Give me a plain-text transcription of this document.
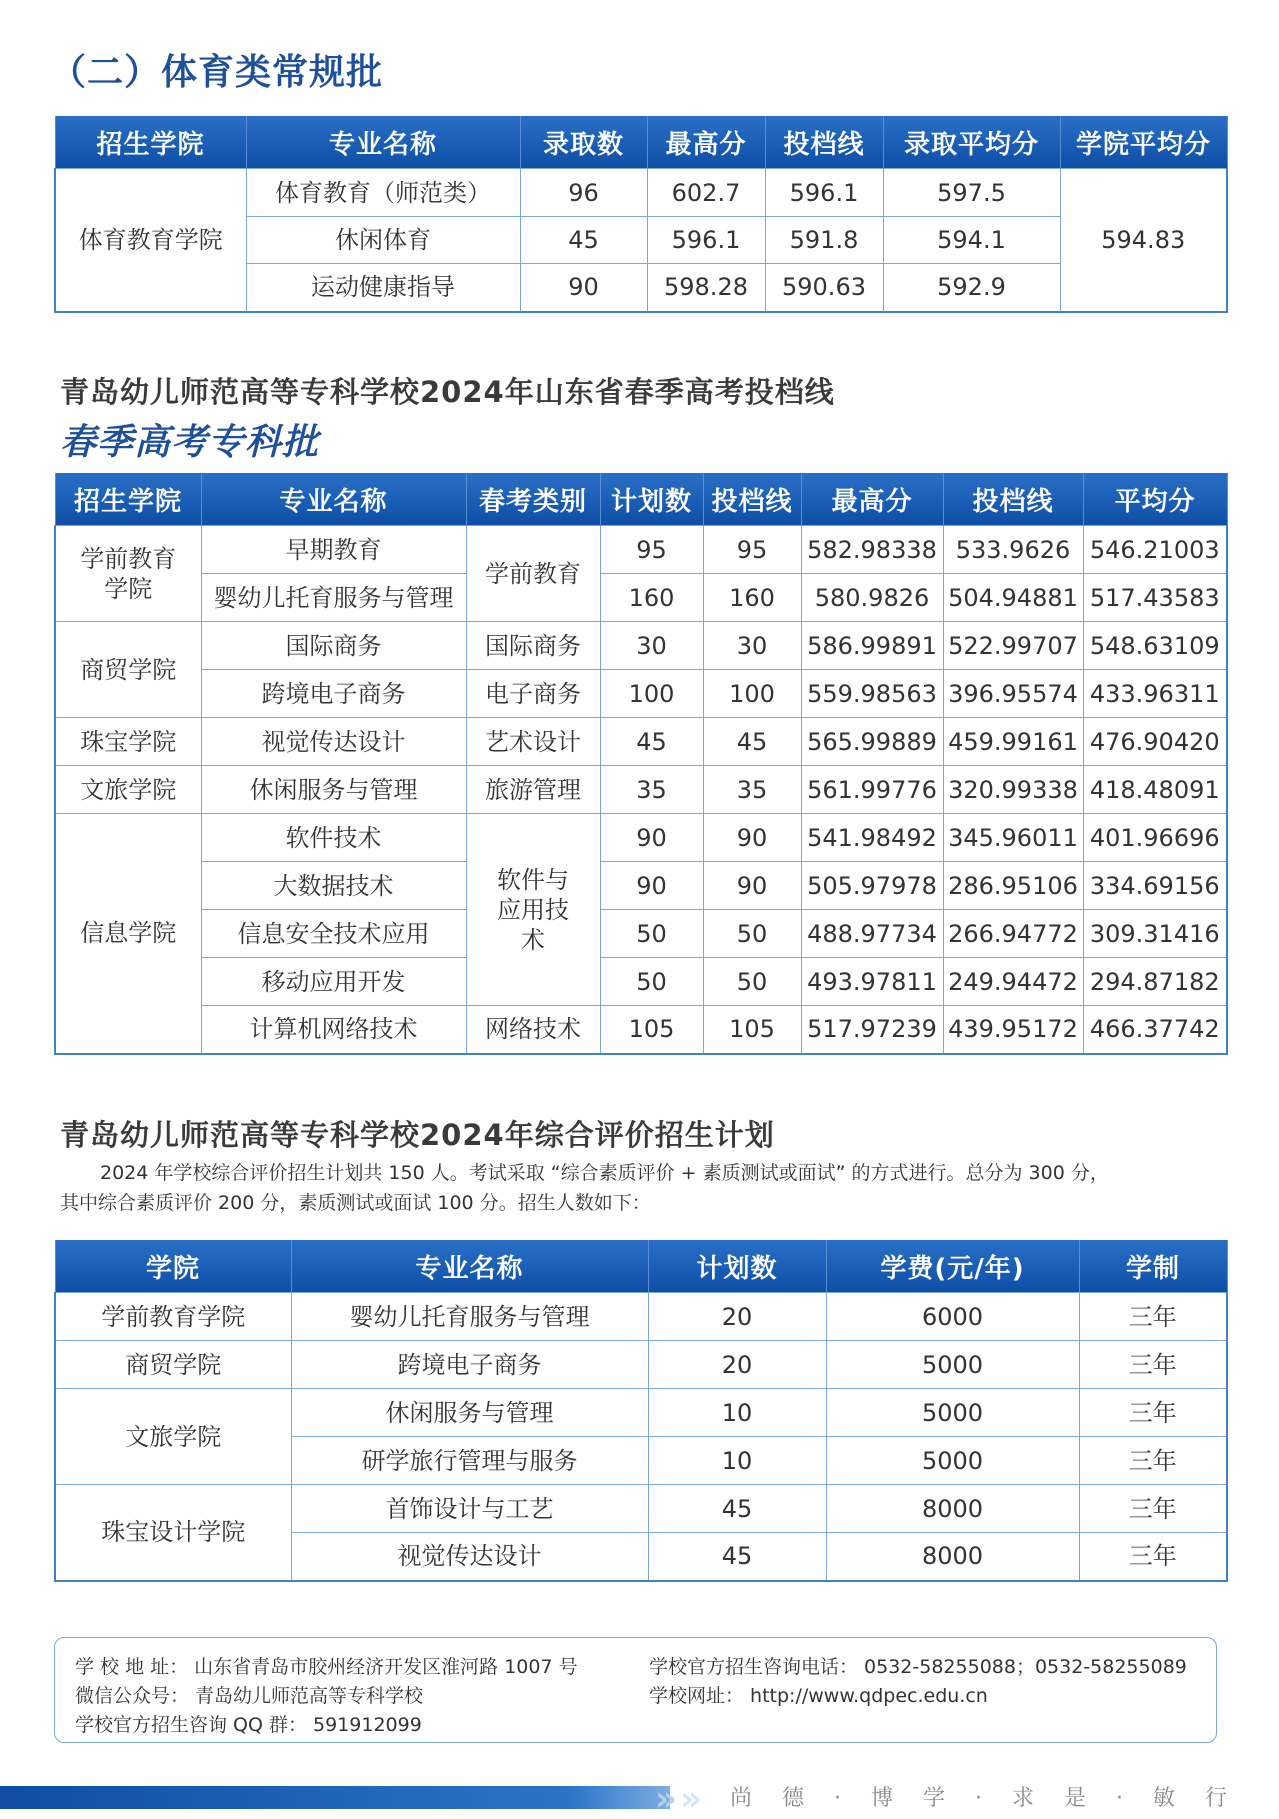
（二）体育类常规批
招生学院	专业名称	录取数	最高分	投档线	录取平均分	学院平均分
体育教育学院	体育教育（师范类）	96	602.7	596.1	597.5	594.83
	休闲体育	45	596.1	591.8	594.1	
	运动健康指导	90	598.28	590.63	592.9	
青岛幼儿师范高等专科学校2024年山东省春季高考投档线
春季高考专科批
招生学院	专业名称	春考类别	计划数	投档线	最高分	投档线	平均分
学前教育学院	早期教育	学前教育	95	95	582.98338	533.9626	546.21003
	婴幼儿托育服务与管理		160	160	580.9826	504.94881	517.43583
商贸学院	国际商务	国际商务	30	30	586.99891	522.99707	548.63109
	跨境电子商务	电子商务	100	100	559.98563	396.95574	433.96311
珠宝学院	视觉传达设计	艺术设计	45	45	565.99889	459.99161	476.90420
文旅学院	休闲服务与管理	旅游管理	35	35	561.99776	320.99338	418.48091
信息学院	软件技术	软件与应用技术	90	90	541.98492	345.96011	401.96696
	大数据技术		90	90	505.97978	286.95106	334.69156
	信息安全技术应用		50	50	488.97734	266.94772	309.31416
	移动应用开发		50	50	493.97811	249.94472	294.87182
	计算机网络技术	网络技术	105	105	517.97239	439.95172	466.37742
青岛幼儿师范高等专科学校2024年综合评价招生计划
2024 年学校综合评价招生计划共 150 人。考试采取 “综合素质评价 + 素质测试或面试” 的方式进行。总分为 300 分，
其中综合素质评价 200 分，素质测试或面试 100 分。招生人数如下：
学院	专业名称	计划数	学费(元/年)	学制
学前教育学院	婴幼儿托育服务与管理	20	6000	三年
商贸学院	跨境电子商务	20	5000	三年
文旅学院	休闲服务与管理	10	5000	三年
	研学旅行管理与服务	10	5000	三年
珠宝设计学院	首饰设计与工艺	45	8000	三年
	视觉传达设计	45	8000	三年
学 校 地 址： 山东省青岛市胶州经济开发区淮河路 1007 号
微信公众号： 青岛幼儿师范高等专科学校
学校官方招生咨询 QQ 群： 591912099
学校官方招生咨询电话： 0532-58255088；0532-58255089
学校网址： http://www.qdpec.edu.cn
» » 尚德·博学·求是·敏行
